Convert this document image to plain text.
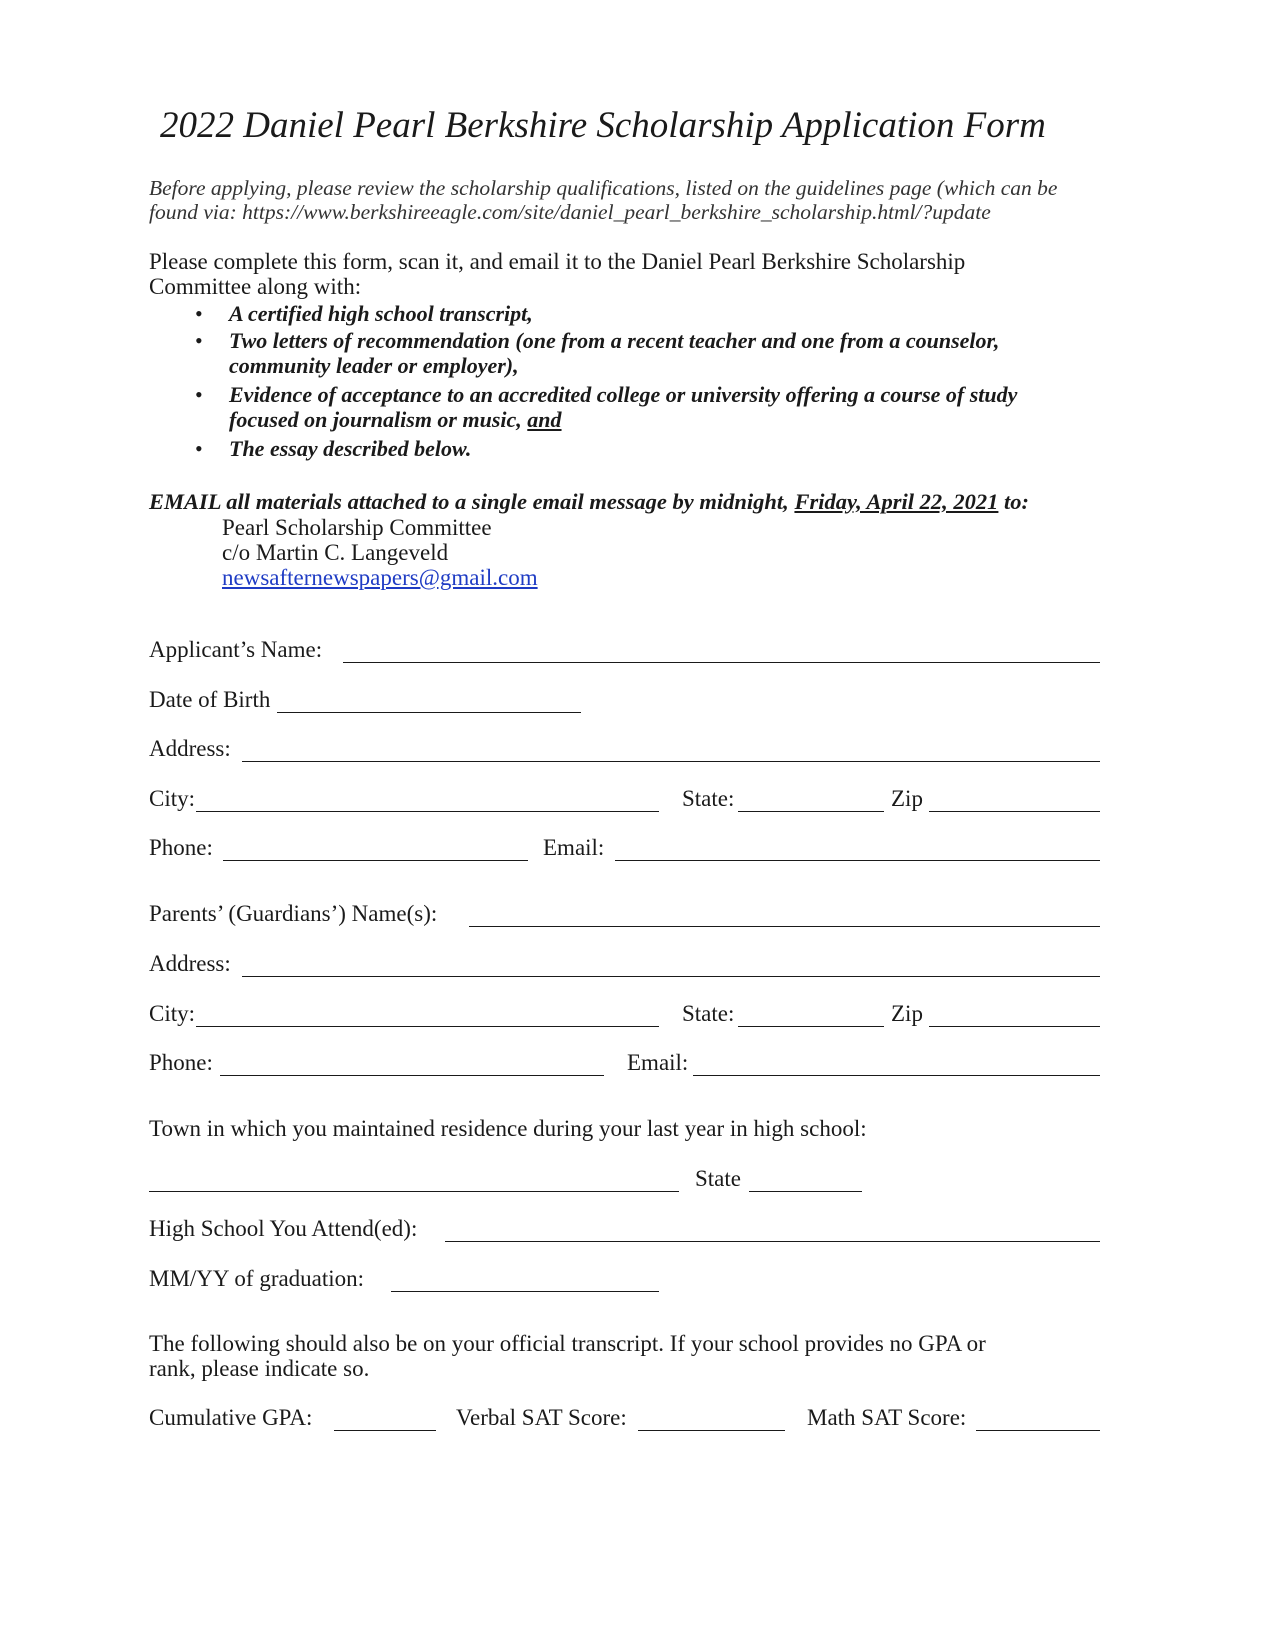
2022 Daniel Pearl Berkshire Scholarship Application Form
Before applying, please review the scholarship qualifications, listed on the guidelines page (which can be
found via: https://www.berkshireeagle.com/site/daniel_pearl_berkshire_scholarship.html/?update
Please complete this form, scan it, and email it to the Daniel Pearl Berkshire Scholarship
Committee along with:
• A certified high school transcript,
• Two letters of recommendation (one from a recent teacher and one from a counselor,
community leader or employer),
• Evidence of acceptance to an accredited college or university offering a course of study
focused on journalism or music, and
• The essay described below.
EMAIL all materials attached to a single email message by midnight, Friday, April 22, 2021 to:
Pearl Scholarship Committee
c/o Martin C. Langeveld
newsafternewspapers@gmail.com
Applicant’s Name:
Date of Birth
Address:
City:	State:	Zip
Phone:	Email:
Parents’ (Guardians’) Name(s):
Address:
City:	State:	Zip
Phone:	Email:
Town in which you maintained residence during your last year in high school:
State
High School You Attend(ed):
MM/YY of graduation:
The following should also be on your official transcript. If your school provides no GPA or
rank, please indicate so.
Cumulative GPA:	Verbal SAT Score:	Math SAT Score:
